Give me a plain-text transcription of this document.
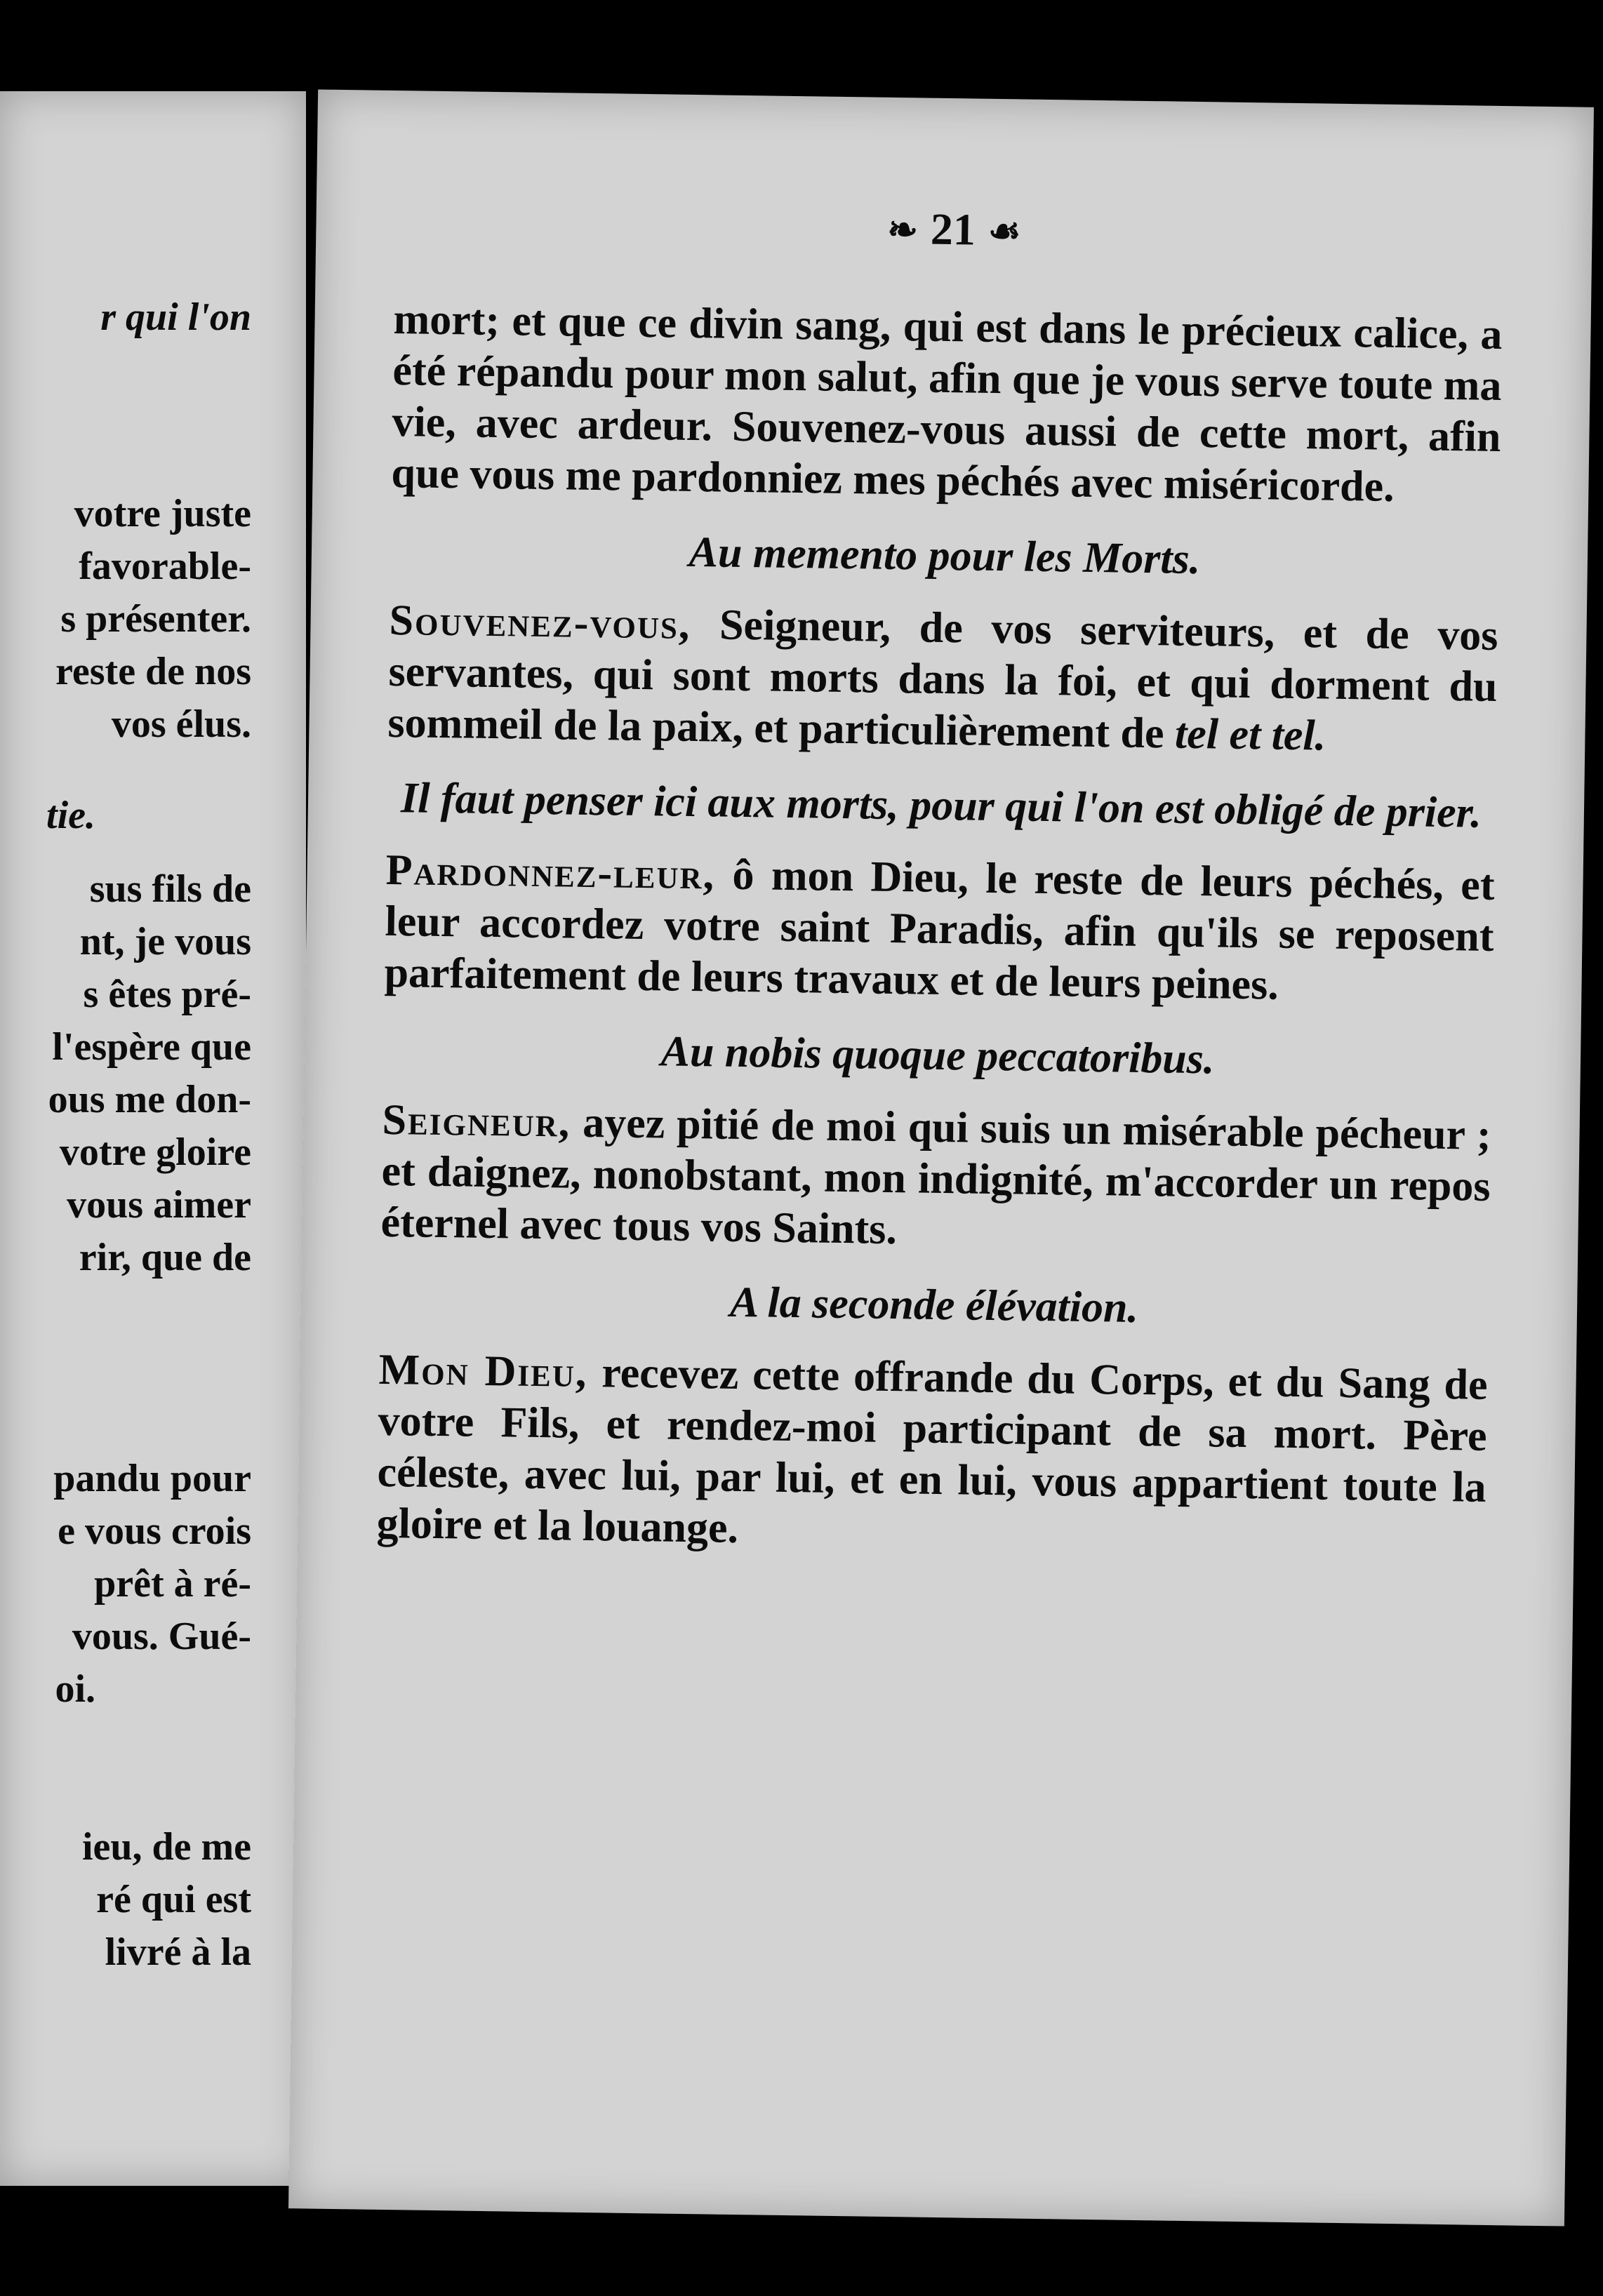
r qui l'on
votre juste
favorable-
s présenter.
reste de nos
vos élus.
tie.
sus fils de
nt, je vous
s êtes pré-
l'espère que
ous me don-
votre gloire
vous aimer
rir, que de
pandu pour
e vous crois
prêt à ré-
vous. Gué-
oi.
ieu, de me
ré qui est
livré à la
❧ 21 ☙

mort; et que ce divin sang, qui est dans le précieux calice, a été répandu pour mon salut, afin que je vous serve toute ma vie, avec ardeur. Souvenez-vous aussi de cette mort, afin que vous me pardonniez mes péchés avec miséricorde.

Au memento pour les Morts.

Souvenez-vous, Seigneur, de vos serviteurs, et de vos servantes, qui sont morts dans la foi, et qui dorment du sommeil de la paix, et particulièrement de tel et tel.

Il faut penser ici aux morts, pour qui l'on est obligé de prier.

Pardonnez-leur, ô mon Dieu, le reste de leurs péchés, et leur accordez votre saint Paradis, afin qu'ils se reposent parfaitement de leurs travaux et de leurs peines.

Au nobis quoque peccatoribus.

Seigneur, ayez pitié de moi qui suis un misérable pécheur ; et daignez, nonobstant, mon indignité, m'accorder un repos éternel avec tous vos Saints.

A la seconde élévation.

Mon Dieu, recevez cette offrande du Corps, et du Sang de votre Fils, et rendez-moi participant de sa mort. Père céleste, avec lui, par lui, et en lui, vous appartient toute la gloire et la louange.
